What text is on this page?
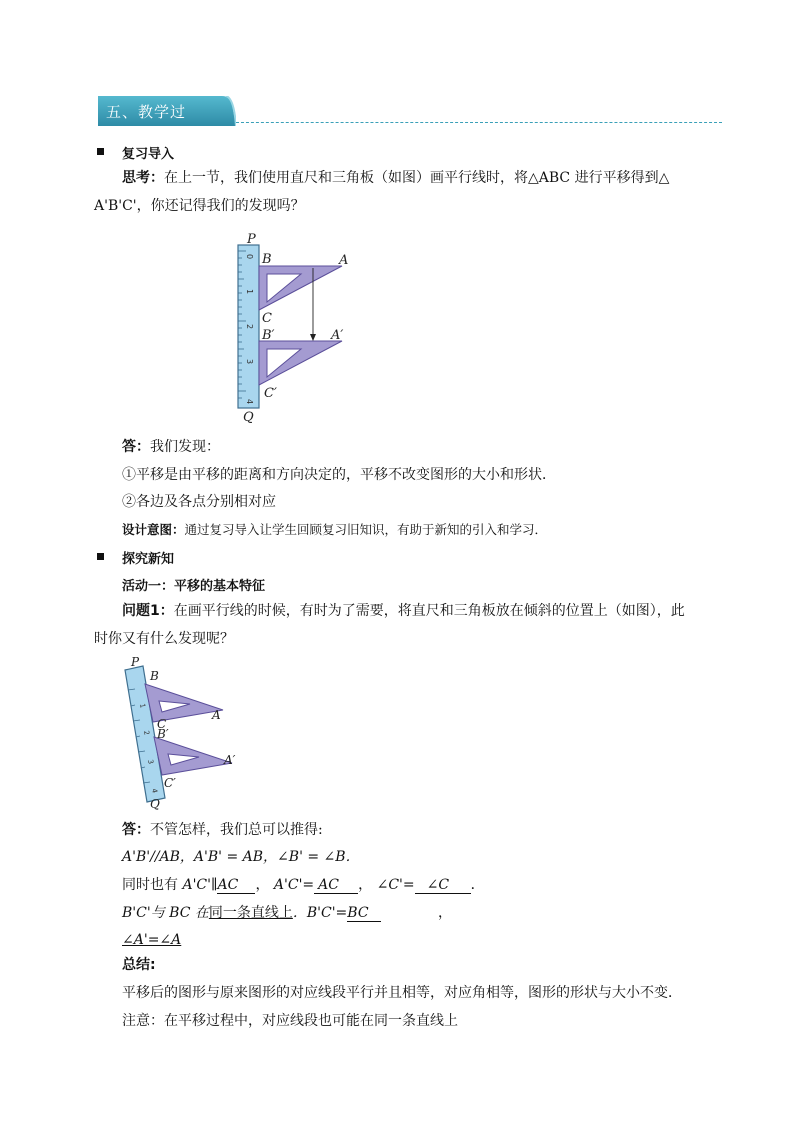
五、教学过
复习导入
思考：在上一节，我们使用直尺和三角板（如图）画平行线时，将△ABC 进行平移得到△
A'B'C'，你还记得我们的发现吗？
0
1
2
3
4
P
B	A
C
B′	A′
C′
Q
答：我们发现：
①平移是由平移的距离和方向决定的，平移不改变图形的大小和形状．
②各边及各点分别相对应
设计意图：通过复习导入让学生回顾复习旧知识，有助于新知的引入和学习．
探究新知
活动一：平移的基本特征
问题1：在画平行线的时候，有时为了需要，将直尺和三角板放在倾斜的位置上（如图），此
时你又有什么发现呢？
1
2
3
4
P
B
A
C
B′
A′
C′
Q
答：不管怎样，我们总可以推得:
A'B'//AB，A'B' = AB，∠B' = ∠B．
同时也有 A'C'∥AC ， A'C'= AC ， ∠C'= ∠C ．
B'C'与 BC 在同一条直线上．B'C'=BC	，
∠A'=∠A
总结:
平移后的图形与原来图形的对应线段平行并且相等，对应角相等，图形的形状与大小不变．
注意：在平移过程中，对应线段也可能在同一条直线上
